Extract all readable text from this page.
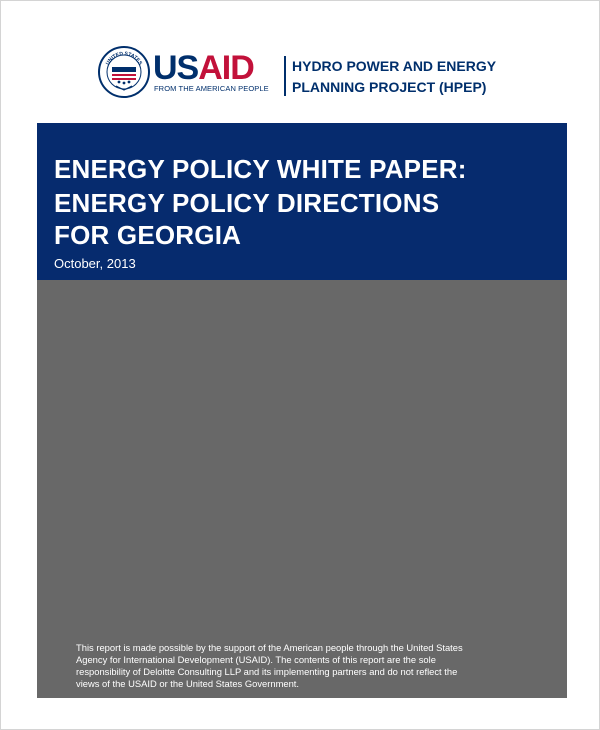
UNITED STATES USAID
FROM THE AMERICAN PEOPLE
HYDRO POWER AND ENERGY
PLANNING PROJECT (HPEP)
ENERGY POLICY WHITE PAPER:
ENERGY POLICY DIRECTIONS
FOR GEORGIA
October, 2013
This report is made possible by the support of the American people through the United States
Agency for International Development (USAID). The contents of this report are the sole
responsibility of Deloitte Consulting LLP and its implementing partners and do not reflect the
views of the USAID or the United States Government.
